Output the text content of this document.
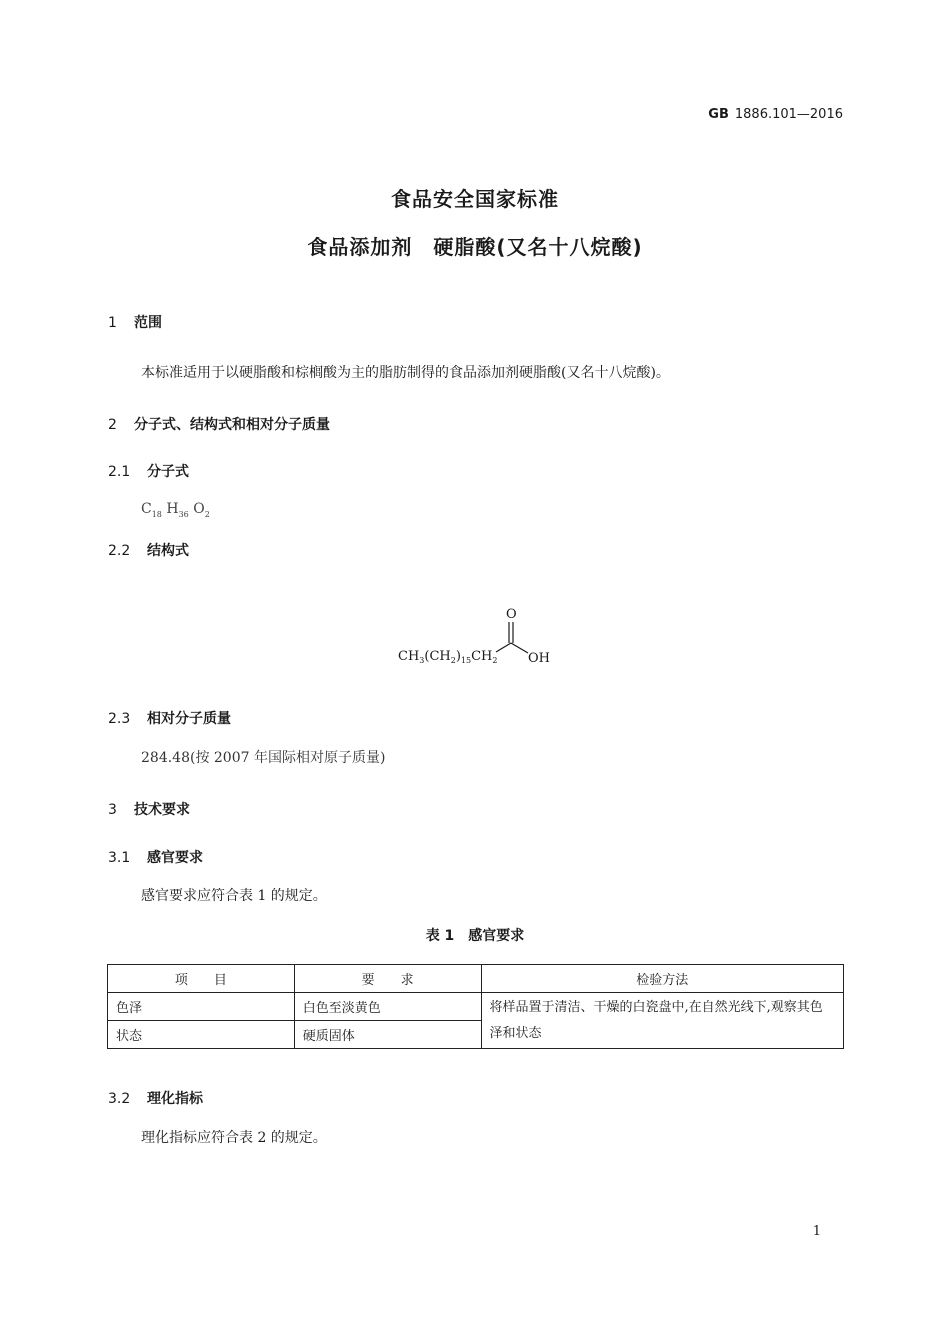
GB 1886.101—2016
食品安全国家标准
食品添加剂　硬脂酸(又名十八烷酸)
1 范围
本标准适用于以硬脂酸和棕榈酸为主的脂肪制得的食品添加剂硬脂酸(又名十八烷酸)。
2 分子式、结构式和相对分子质量
2.1 分子式
$C_{18}$ $H_{36}$ $O_2$
2.2 结构式
$CH_3(CH_2)_{15}CH_2$
O
OH
2.3 相对分子质量
284.48(按 2007 年国际相对原子质量)
3 技术要求
3.1 感官要求
感官要求应符合表 1 的规定。
表 1　感官要求
项　　目	要　　求	检验方法
色泽	白色至淡黄色	将样品置于清洁、干燥的白瓷盘中,在自然光线下,观察其色泽和状态
状态	硬质固体	
3.2 理化指标
理化指标应符合表 2 的规定。
1
